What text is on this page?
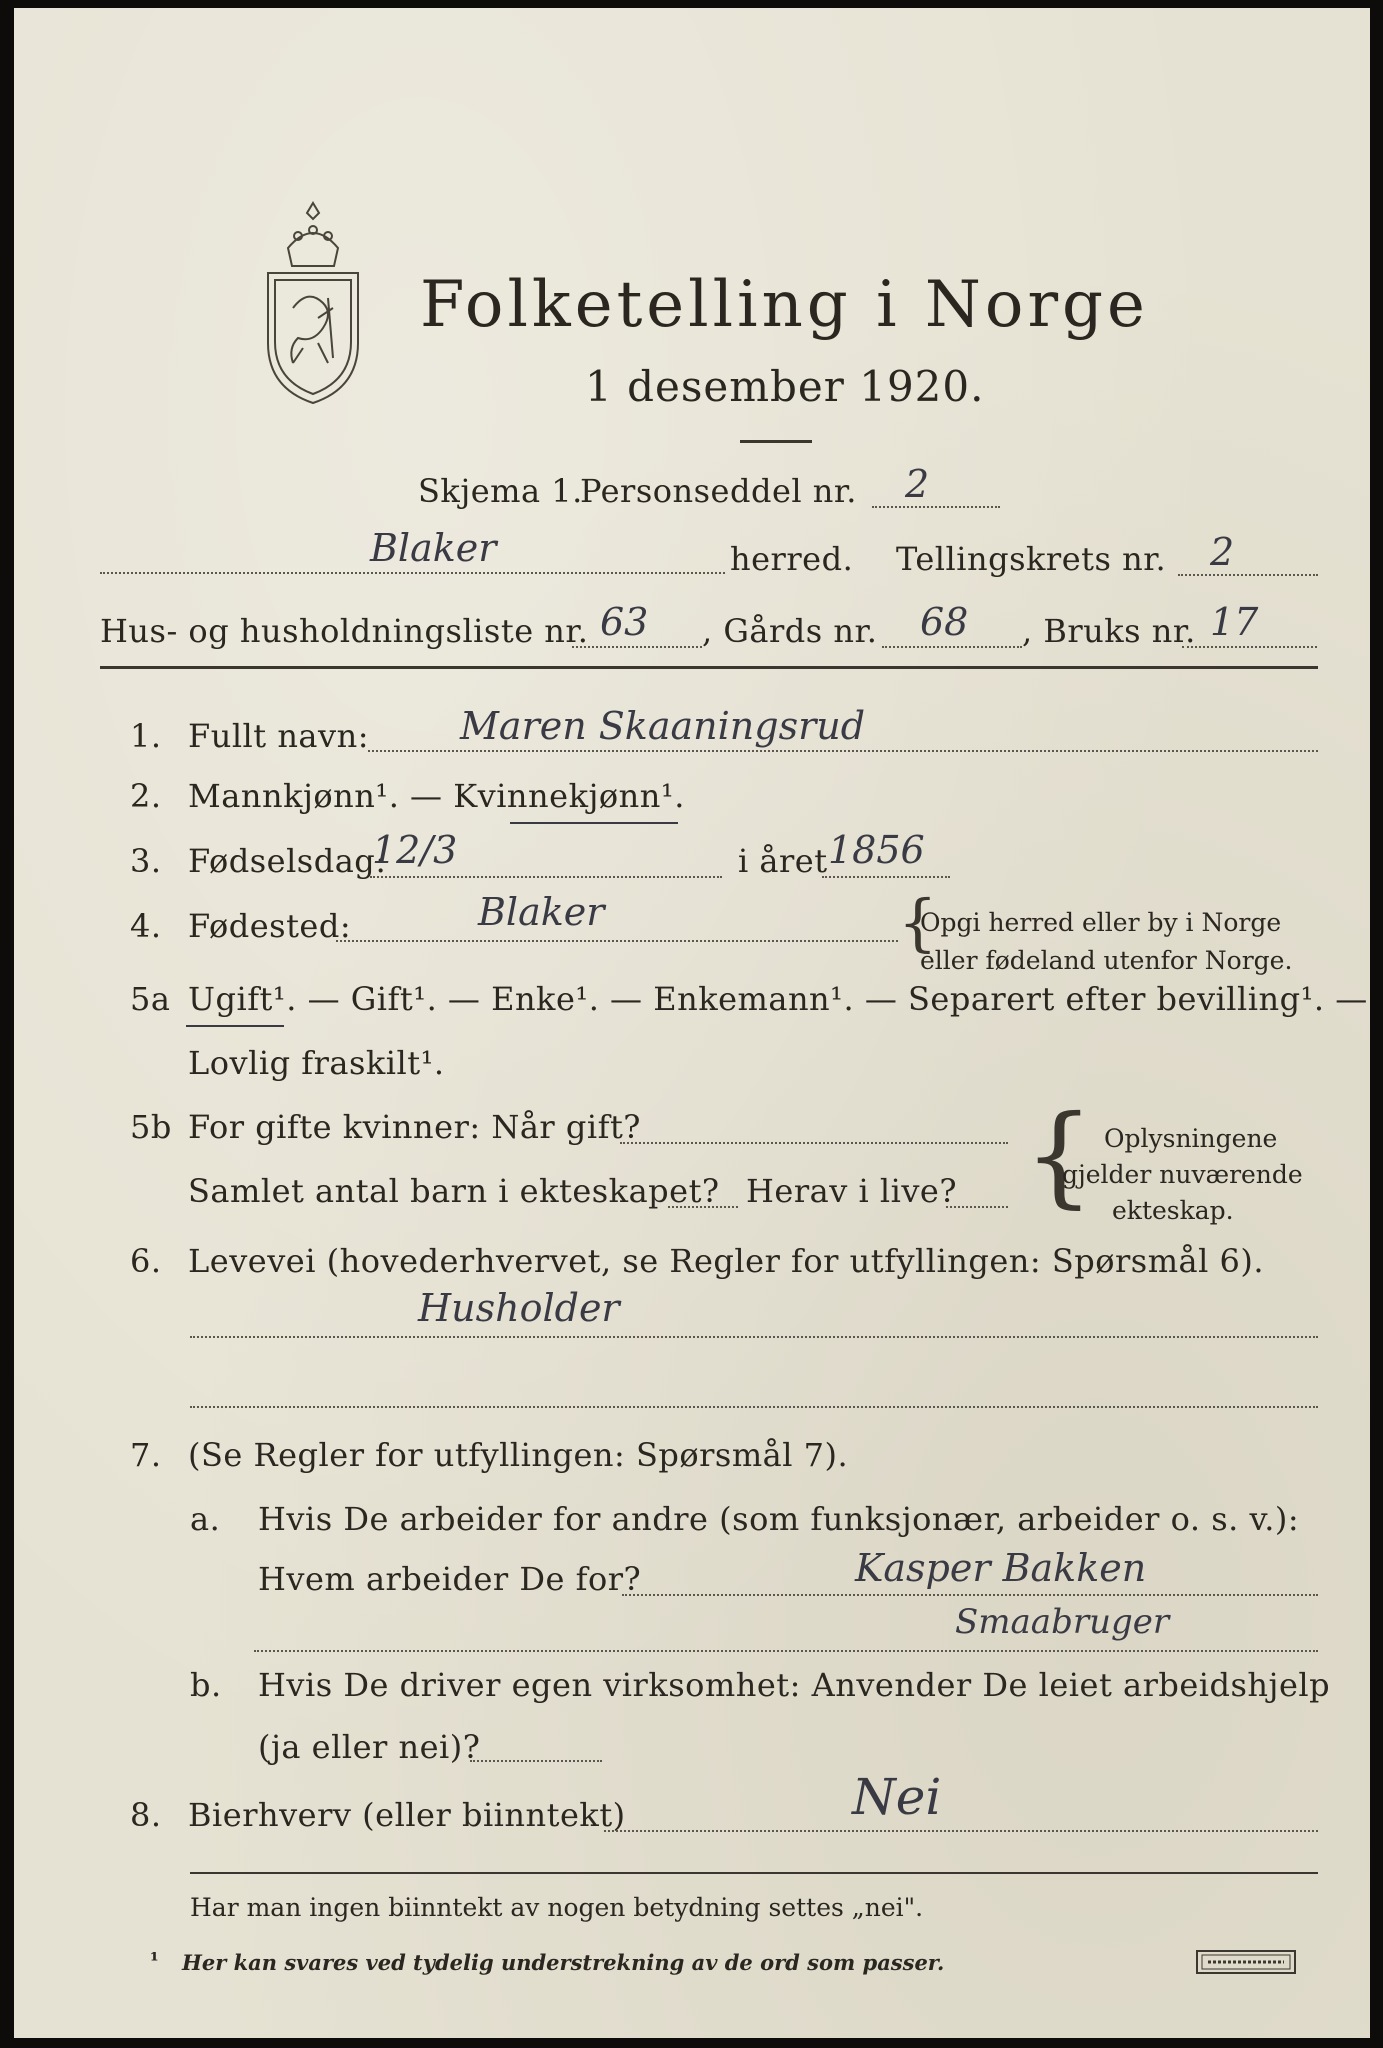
Folketelling i Norge
1 desember 1920.
Skjema 1.
Personseddel nr. 2
Blaker	herred. Tellingskrets nr. 2
Hus- og husholdningsliste nr. 63 , Gårds nr. 68 , Bruks nr. 17
1. Fullt navn: Maren Skaaningsrud
2. Mannkjønn¹. — Kvinnekjønn¹.
3. Fødselsdag:
12/3	i året 1856
4. Fødested:	Blaker	{
Opgi herred eller by i Norge
eller fødeland utenfor Norge.
5a Ugift¹. — Gift¹. — Enke¹. — Enkemann¹. — Separert efter bevilling¹. —
Lovlig fraskilt¹.
5b For gifte kvinner: Når gift?
Samlet antal barn i ekteskapet? Herav i live? { Oplysningene
gjelder nuværende
ekteskap.
6. Levevei (hovederhvervet, se Regler for utfyllingen: Spørsmål 6).
Husholder
7. (Se Regler for utfyllingen: Spørsmål 7).
a. Hvis De arbeider for andre (som funksjonær, arbeider o. s. v.):
Hvem arbeider De for?	Kasper Bakken
Smaabruger
b. Hvis De driver egen virksomhet: Anvender De leiet arbeidshjelp
(ja eller nei)?
8. Bierhverv (eller biinntekt)	Nei
Har man ingen biinntekt av nogen betydning settes „nei".
¹ Her kan svares ved tydelig understrekning av de ord som passer.
